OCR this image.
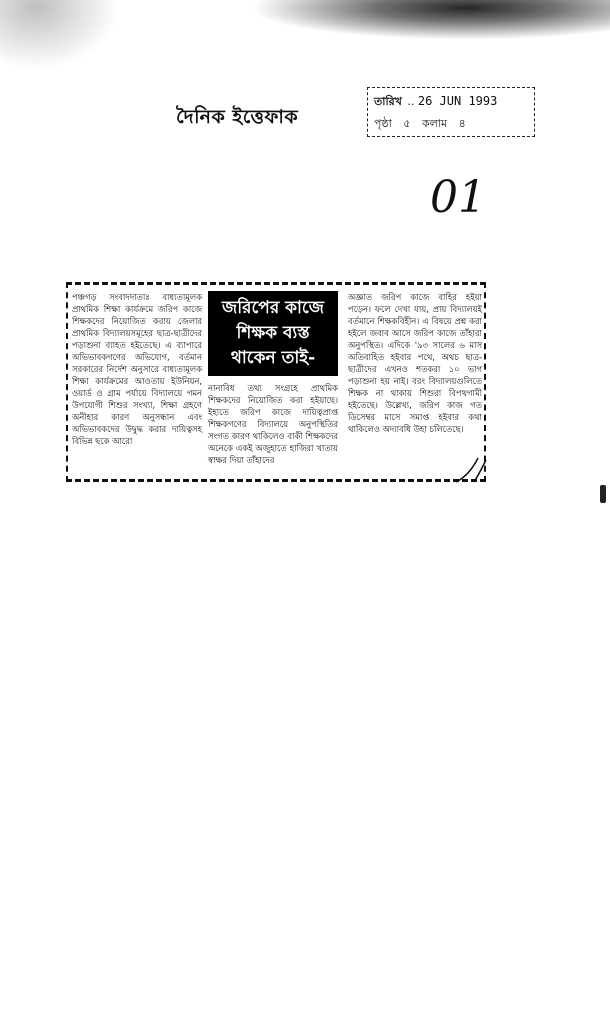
দৈনিক ইত্তেফাক
তারিখ .. 26 JUN 1993
পৃষ্ঠা ৫ কলাম ৪
01

পঞ্চগড় সংবাদদাতাঃ বাধ্যতামূলক প্রাথমিক শিক্ষা কার্যক্রমে জরিপ কাজে শিক্ষকদের নিয়োজিত করায় জেলার প্রাথমিক বিদ্যালয়সমূহের ছাত্র-ছাত্রীদের পড়াশুনা ব্যাহত হইতেছে। এ ব্যাপারে অভিভাবকগণের অভিযোগ, বর্তমান সরকারের নির্দেশ অনুসারে বাধ্যতামূলক শিক্ষা কার্যক্রমের আওতায় ইউনিয়ন, ওয়ার্ড ও গ্রাম পর্যায়ে বিদ্যালয়ে গমন উপযোগী শিশুর সংখ্যা, শিক্ষা গ্রহণে অনীহার কারণ অনুসন্ধান এবং অভিভাবকদের উদ্বুদ্ধ করার দায়িত্বসহ বিভিন্ন ছকে আরো

জরিপের কাজে
শিক্ষক ব্যস্ত
থাকেন তাই-

নানাবিধ তথ্য সংগ্রহে প্রাথমিক শিক্ষকদের নিয়োজিত করা হইয়াছে। ইহাতে জরিপ কাজে দায়িত্বপ্রাপ্ত শিক্ষকগণের বিদ্যালয়ে অনুপস্থিতির সংগত কারণ থাকিলেও বাকী শিক্ষকদের অনেকে একই অজুহাতে হাজিরা খাতায় স্বাক্ষর দিয়া তাঁহাদের

অজ্ঞাত জরিপ কাজে বাহির হইয়া পড়েন। ফলে দেখা যায়, প্রায় বিদ্যালয়ই বর্তমানে শিক্ষকবিহীন। এ বিষয়ে প্রশ্ন করা হইলে জবাব আসে জরিপ কাজে তাঁহারা অনুপস্থিত। এদিকে '৯৩ সালের ৬ মাস অতিবাহিত হইবার পথে, অথচ ছাত্র-ছাত্রীদের এখনও শতকরা ১০ ভাগ পড়াশুনা হয় নাই। বরং বিদ্যালয়গুলিতে শিক্ষক না থাকায় শিশুরা বিপথগামী হইতেছে। উল্লেখ্য, জরিপ কাজ গত ডিসেম্বর মাসে সমাপ্ত হইবার কথা থাকিলেও অদ্যাবধি উহা চলিতেছে।
